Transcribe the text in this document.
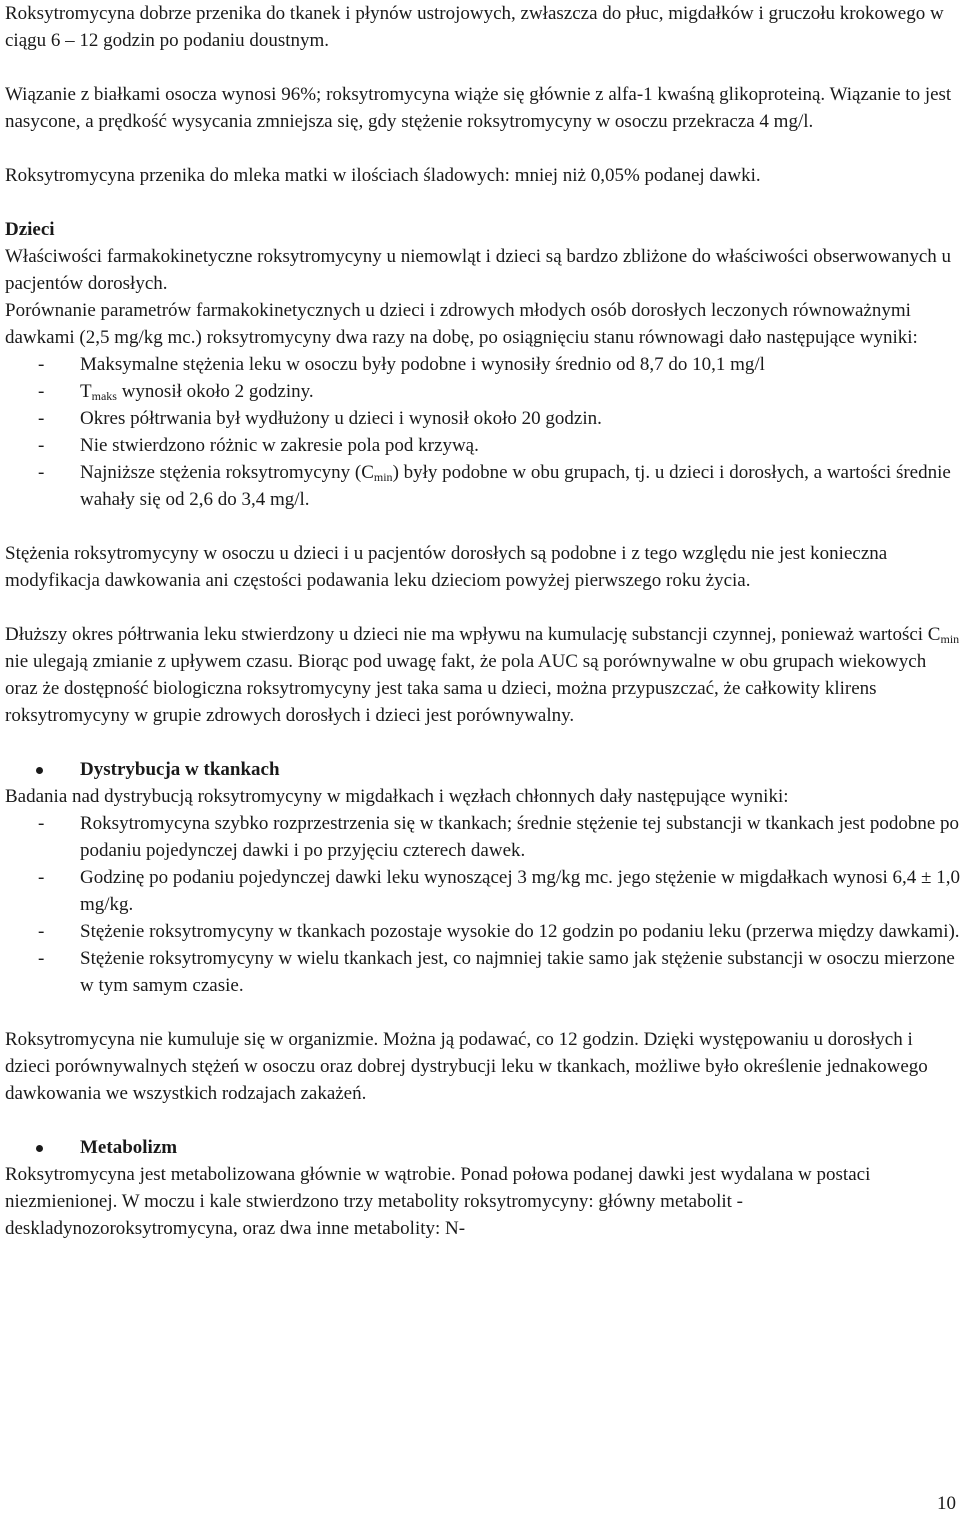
Roksytromycyna dobrze przenika do tkanek i płynów ustrojowych, zwłaszcza do płuc, migdałków i gruczołu krokowego w ciągu 6 – 12 godzin po podaniu doustnym.

Wiązanie z białkami osocza wynosi 96%; roksytromycyna wiąże się głównie z alfa-1 kwaśną glikoproteiną. Wiązanie to jest nasycone, a prędkość wysycania zmniejsza się, gdy stężenie roksytromycyny w osoczu przekracza 4 mg/l.

Roksytromycyna przenika do mleka matki w ilościach śladowych: mniej niż 0,05% podanej dawki.

Dzieci

Właściwości farmakokinetyczne roksytromycyny u niemowląt i dzieci są bardzo zbliżone do właściwości obserwowanych u pacjentów dorosłych.

Porównanie parametrów farmakokinetycznych u dzieci i zdrowych młodych osób dorosłych leczonych równoważnymi dawkami (2,5 mg/kg mc.) roksytromycyny dwa razy na dobę, po osiągnięciu stanu równowagi dało następujące wyniki:

- Maksymalne stężenia leku w osoczu były podobne i wynosiły średnio od 8,7 do 10,1 mg/l
- $T_{maks}$ wynosił około 2 godziny.
- Okres półtrwania był wydłużony u dzieci i wynosił około 20 godzin.
- Nie stwierdzono różnic w zakresie pola pod krzywą.
- Najniższe stężenia roksytromycyny $(C_{min})$ były podobne w obu grupach, tj. u dzieci i dorosłych, a wartości średnie wahały się od 2,6 do 3,4 mg/l.

Stężenia roksytromycyny w osoczu u dzieci i u pacjentów dorosłych są podobne i z tego względu nie jest konieczna modyfikacja dawkowania ani częstości podawania leku dzieciom powyżej pierwszego roku życia.

Dłuższy okres półtrwania leku stwierdzony u dzieci nie ma wpływu na kumulację substancji czynnej, ponieważ wartości $C_{min}$ nie ulegają zmianie z upływem czasu. Biorąc pod uwagę fakt, że pola AUC są porównywalne w obu grupach wiekowych oraz że dostępność biologiczna roksytromycyny jest taka sama u dzieci, można przypuszczać, że całkowity klirens roksytromycyny w grupie zdrowych dorosłych i dzieci jest porównywalny.

Dystrybucja w tkankach

Badania nad dystrybucją roksytromycyny w migdałkach i węzłach chłonnych dały następujące wyniki:

- Roksytromycyna szybko rozprzestrzenia się w tkankach; średnie stężenie tej substancji w tkankach jest podobne po podaniu pojedynczej dawki i po przyjęciu czterech dawek.
- Godzinę po podaniu pojedynczej dawki leku wynoszącej 3 mg/kg mc. jego stężenie w migdałkach wynosi 6,4 ± 1,0 mg/kg.
- Stężenie roksytromycyny w tkankach pozostaje wysokie do 12 godzin po podaniu leku (przerwa między dawkami).
- Stężenie roksytromycyny w wielu tkankach jest, co najmniej takie samo jak stężenie substancji w osoczu mierzone w tym samym czasie.

Roksytromycyna nie kumuluje się w organizmie. Można ją podawać, co 12 godzin. Dzięki występowaniu u dorosłych i dzieci porównywalnych stężeń w osoczu oraz dobrej dystrybucji leku w tkankach, możliwe było określenie jednakowego dawkowania we wszystkich rodzajach zakażeń.

Metabolizm

Roksytromycyna jest metabolizowana głównie w wątrobie. Ponad połowa podanej dawki jest wydalana w postaci niezmienionej. W moczu i kale stwierdzono trzy metabolity roksytromycyny: główny metabolit - deskladynozoroksytromycyna, oraz dwa inne metabolity: N-

10
